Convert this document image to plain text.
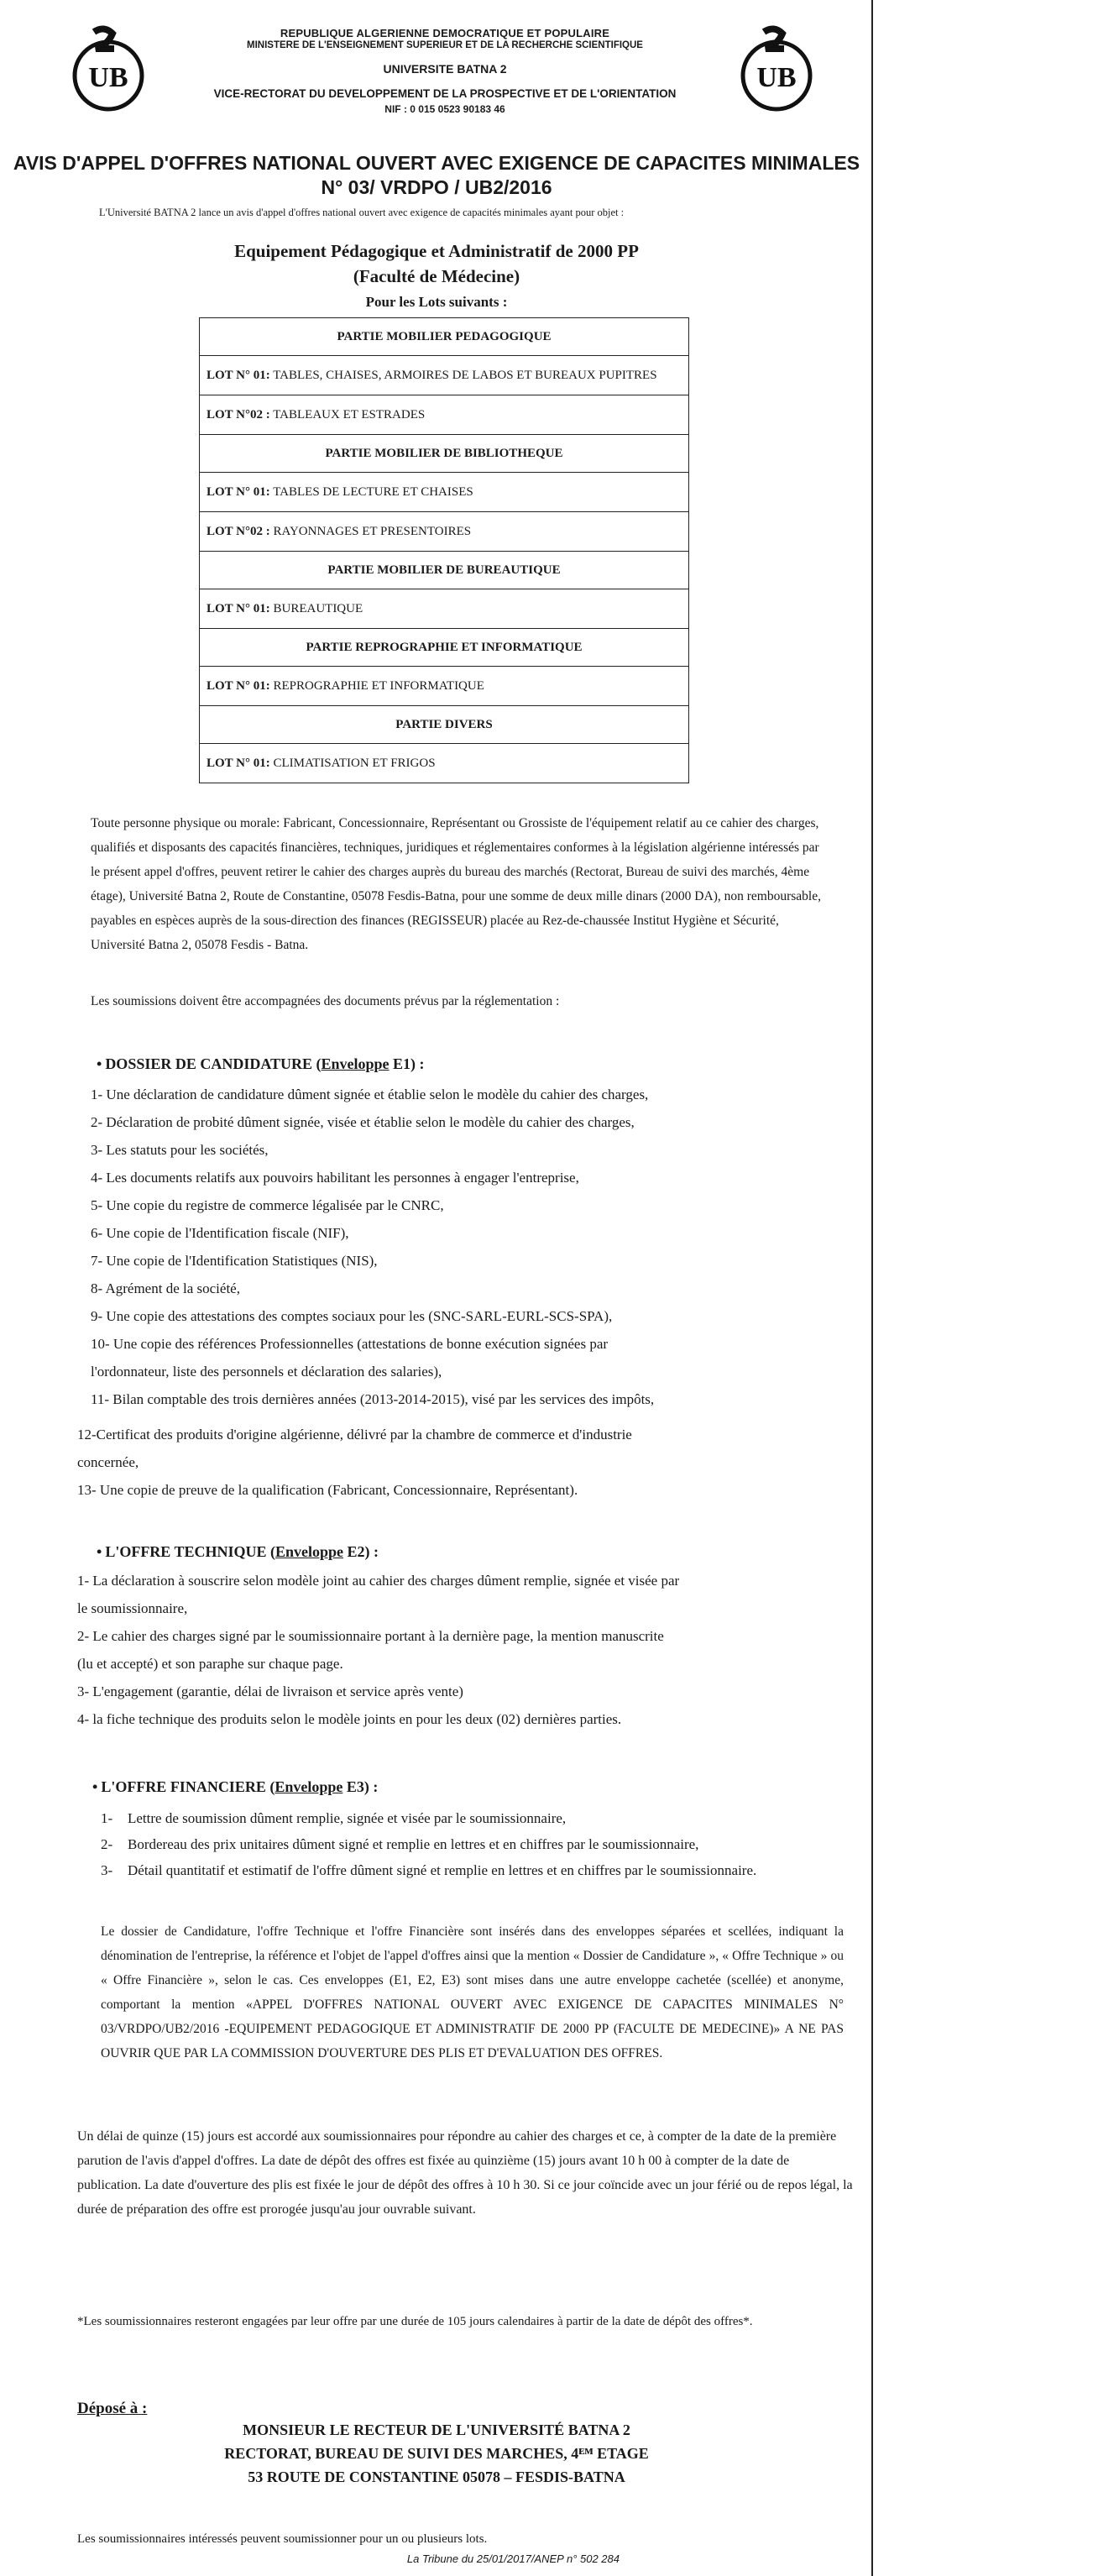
UB
REPUBLIQUE ALGERIENNE DEMOCRATIQUE ET POPULAIRE
MINISTERE DE L'ENSEIGNEMENT SUPERIEUR ET DE LA RECHERCHE SCIENTIFIQUE
UNIVERSITE BATNA 2
VICE-RECTORAT DU DEVELOPPEMENT DE LA PROSPECTIVE ET DE L'ORIENTATION
NIF : 0 015 0523 90183 46
UB
AVIS D'APPEL D'OFFRES NATIONAL OUVERT AVEC EXIGENCE DE CAPACITES MINIMALES
N° 03/ VRDPO / UB2/2016
L'Université BATNA 2 lance un avis d'appel d'offres national ouvert avec exigence de capacités minimales ayant pour objet :
Equipement Pédagogique et Administratif de 2000 PP
(Faculté de Médecine)
Pour les Lots suivants :
PARTIE MOBILIER PEDAGOGIQUE
LOT N° 01: TABLES, CHAISES, ARMOIRES DE LABOS ET BUREAUX PUPITRES
LOT N°02 : TABLEAUX ET ESTRADES
PARTIE MOBILIER DE BIBLIOTHEQUE
LOT N° 01: TABLES DE LECTURE ET CHAISES
LOT N°02 : RAYONNAGES ET PRESENTOIRES
PARTIE MOBILIER DE BUREAUTIQUE
LOT N° 01: BUREAUTIQUE
PARTIE REPROGRAPHIE ET INFORMATIQUE
LOT N° 01: REPROGRAPHIE ET INFORMATIQUE
PARTIE DIVERS
LOT N° 01: CLIMATISATION ET FRIGOS
Toute personne physique ou morale: Fabricant, Concessionnaire, Représentant ou Grossiste de l'équipement relatif au ce cahier des charges, qualifiés et disposants des capacités financières, techniques, juridiques et réglementaires conformes à la législation algérienne intéressés par le présent appel d'offres, peuvent retirer le cahier des charges auprès du bureau des marchés (Rectorat, Bureau de suivi des marchés, 4ème étage), Université Batna 2, Route de Constantine, 05078 Fesdis-Batna, pour une somme de deux mille dinars (2000 DA), non remboursable, payables en espèces auprès de la sous-direction des finances (REGISSEUR) placée au Rez-de-chaussée Institut Hygiène et Sécurité, Université Batna 2, 05078 Fesdis - Batna.
Les soumissions doivent être accompagnées des documents prévus par la réglementation :
• DOSSIER DE CANDIDATURE (Enveloppe E1) :
1- Une déclaration de candidature dûment signée et établie selon le modèle du cahier des charges,
2- Déclaration de probité dûment signée, visée et établie selon le modèle du cahier des charges,
3- Les statuts pour les sociétés,
4- Les documents relatifs aux pouvoirs habilitant les personnes à engager l'entreprise,
5- Une copie du registre de commerce légalisée par le CNRC,
6- Une copie de l'Identification fiscale (NIF),
7- Une copie de l'Identification Statistiques (NIS),
8- Agrément de la société,
9- Une copie des attestations des comptes sociaux pour les (SNC-SARL-EURL-SCS-SPA),
10- Une copie des références Professionnelles (attestations de bonne exécution signées par
l'ordonnateur, liste des personnels et déclaration des salaries),
11- Bilan comptable des trois dernières années (2013-2014-2015), visé par les services des impôts,
12-Certificat des produits d'origine algérienne, délivré par la chambre de commerce et d'industrie
concernée,
13- Une copie de preuve de la qualification (Fabricant, Concessionnaire, Représentant).
• L'OFFRE TECHNIQUE (Enveloppe E2) :
1- La déclaration à souscrire selon modèle joint au cahier des charges dûment remplie, signée et visée par
le soumissionnaire,
2- Le cahier des charges signé par le soumissionnaire portant à la dernière page, la mention manuscrite
(lu et accepté) et son paraphe sur chaque page.
3- L'engagement (garantie, délai de livraison et service après vente)
4- la fiche technique des produits selon le modèle joints en pour les deux (02) dernières parties.
• L'OFFRE FINANCIERE (Enveloppe E3) :
1-	Lettre de soumission dûment remplie, signée et visée par le soumissionnaire,
2-	Bordereau des prix unitaires dûment signé et remplie en lettres et en chiffres par le soumissionnaire,
3-	Détail quantitatif et estimatif de l'offre dûment signé et remplie en lettres et en chiffres par le soumissionnaire.
Le dossier de Candidature, l'offre Technique et l'offre Financière sont insérés dans des enveloppes séparées et scellées, indiquant la dénomination de l'entreprise, la référence et l'objet de l'appel d'offres ainsi que la mention « Dossier de Candidature », « Offre Technique » ou « Offre Financière », selon le cas. Ces enveloppes (E1, E2, E3) sont mises dans une autre enveloppe cachetée (scellée) et anonyme, comportant la mention «APPEL D'OFFRES NATIONAL OUVERT AVEC EXIGENCE DE CAPACITES MINIMALES N° 03/VRDPO/UB2/2016 -EQUIPEMENT PEDAGOGIQUE ET ADMINISTRATIF DE 2000 PP (FACULTE DE MEDECINE)» A NE PAS OUVRIR QUE PAR LA COMMISSION D'OUVERTURE DES PLIS ET D'EVALUATION DES OFFRES.
Un délai de quinze (15) jours est accordé aux soumissionnaires pour répondre au cahier des charges et ce, à compter de la date de la première parution de l'avis d'appel d'offres. La date de dépôt des offres est fixée au quinzième (15) jours avant 10 h 00 à compter de la date de publication. La date d'ouverture des plis est fixée le jour de dépôt des offres à 10 h 30. Si ce jour coïncide avec un jour férié ou de repos légal, la durée de préparation des offre est prorogée jusqu'au jour ouvrable suivant.
*Les soumissionnaires resteront engagées par leur offre par une durée de 105 jours calendaires à partir de la date de dépôt des offres*.
Déposé à :
MONSIEUR LE RECTEUR DE L'UNIVERSITÉ BATNA 2
RECTORAT, BUREAU DE SUIVI DES MARCHES, 4ᴱᴹ ETAGE
53 ROUTE DE CONSTANTINE 05078 – FESDIS-BATNA
Les soumissionnaires intéressés peuvent soumissionner pour un ou plusieurs lots.
La Tribune du 25/01/2017/ANEP n° 502 284
